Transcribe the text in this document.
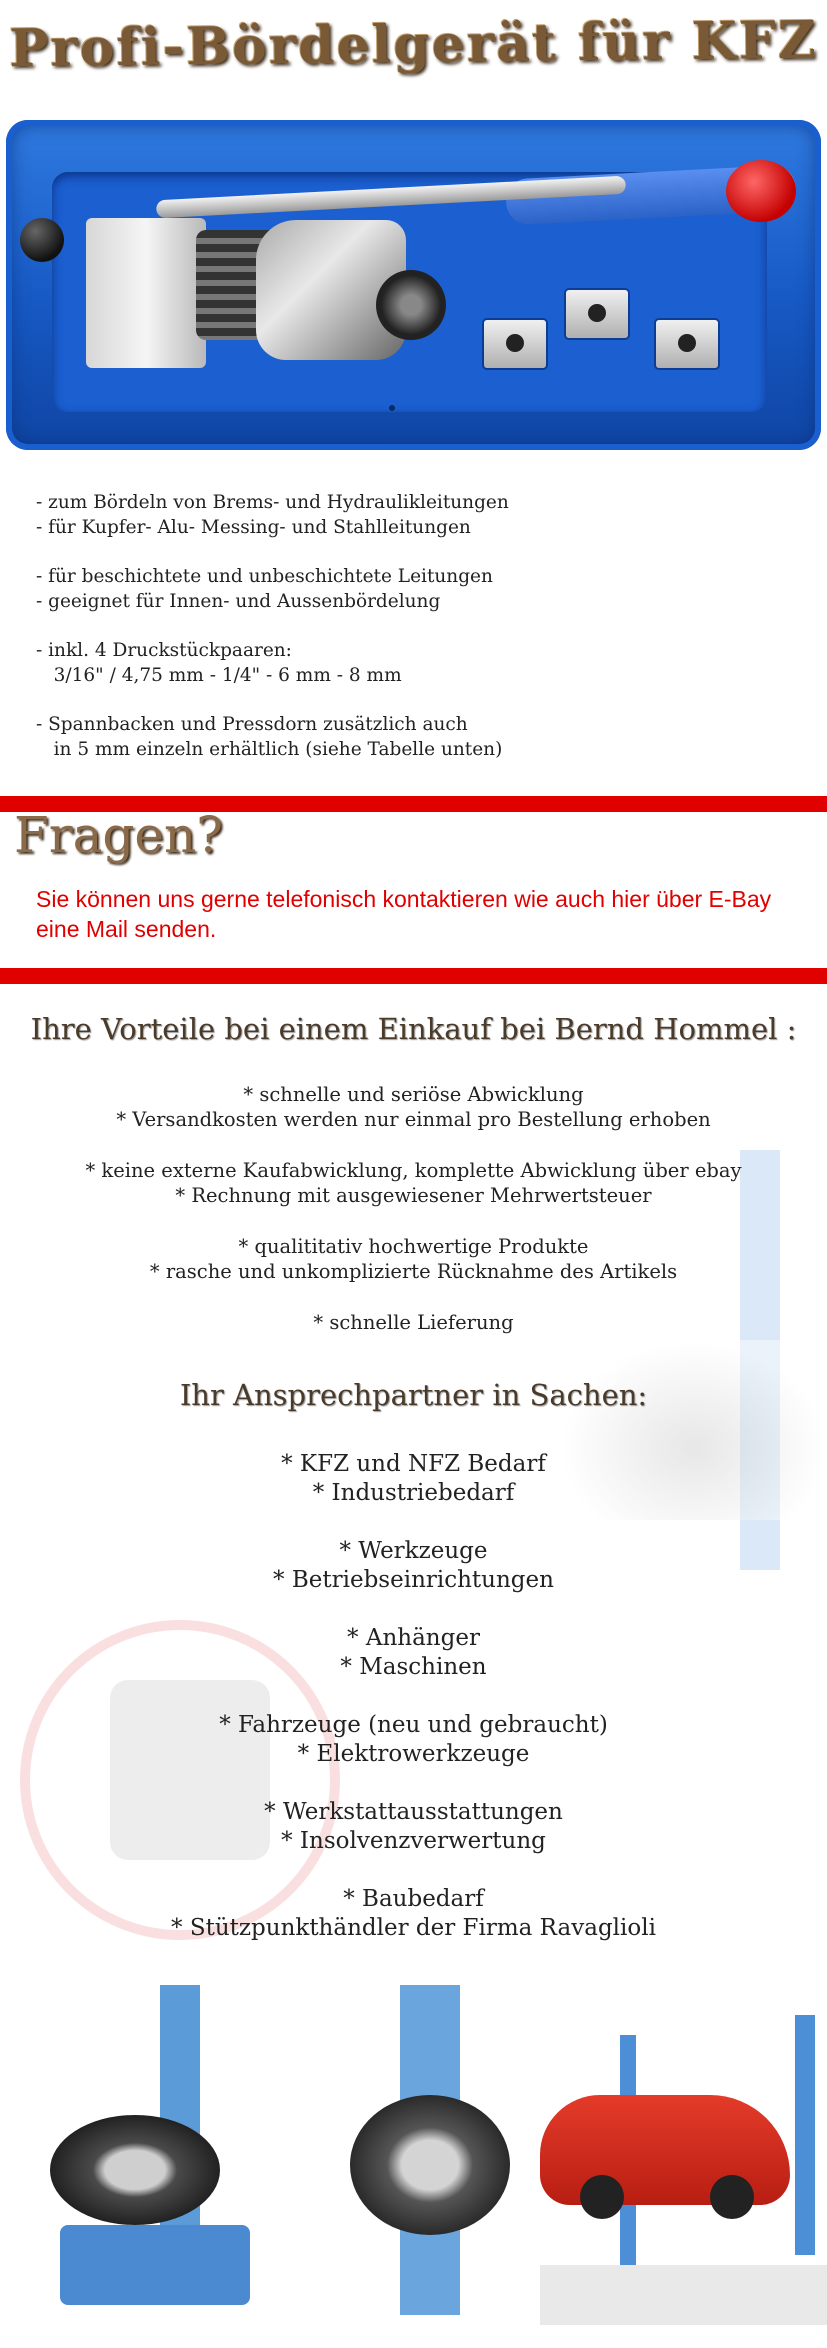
Profi-Bördelgerät für KFZ
- zum Bördeln von Brems- und Hydraulikleitungen
- für Kupfer- Alu- Messing- und Stahlleitungen
- für beschichtete und unbeschichtete Leitungen
- geeignet für Innen- und Aussenbördelung
- inkl. 4 Druckstückpaaren:
3/16" / 4,75 mm - 1/4" - 6 mm - 8 mm
- Spannbacken und Pressdorn zusätzlich auch
in 5 mm einzeln erhältlich (siehe Tabelle unten)
Fragen?

Sie können uns gerne telefonisch kontaktieren wie auch hier über E-Bay eine Mail senden.

Ihre Vorteile bei einem Einkauf bei Bernd Hommel :
* schnelle und seriöse Abwicklung
* Versandkosten werden nur einmal pro Bestellung erhoben
* keine externe Kaufabwicklung, komplette Abwicklung über ebay
* Rechnung mit ausgewiesener Mehrwertsteuer
* qualititativ hochwertige Produkte
* rasche und unkomplizierte Rücknahme des Artikels
* schnelle Lieferung
Ihr Ansprechpartner in Sachen:
* KFZ und NFZ Bedarf
* Industriebedarf
* Werkzeuge
* Betriebseinrichtungen
* Anhänger
* Maschinen
* Fahrzeuge (neu und gebraucht)
* Elektrowerkzeuge
* Werkstattausstattungen
* Insolvenzverwertung
* Baubedarf
* Stützpunkthändler der Firma Ravaglioli
